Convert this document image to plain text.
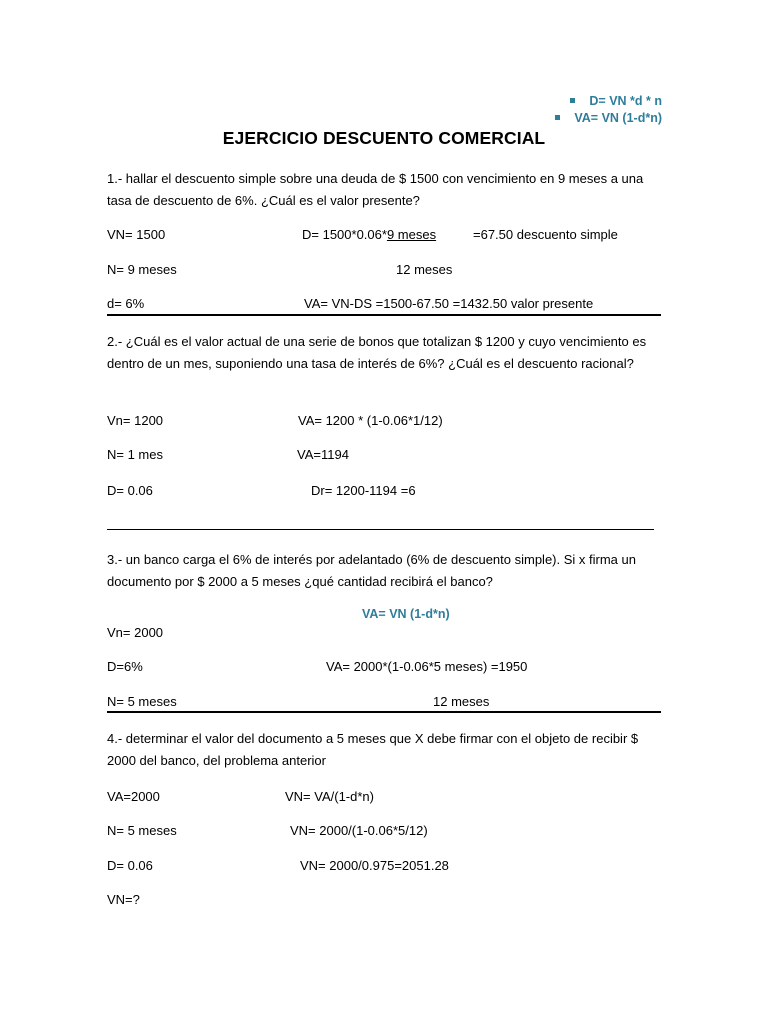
D= VN *d * n
VA= VN (1-d*n)
EJERCICIO DESCUENTO COMERCIAL
1.- hallar el descuento simple sobre una deuda de $ 1500 con vencimiento en 9 meses a una tasa de descuento de 6%. ¿Cuál es el valor presente?
VN= 1500	D= 1500*0.06*9 meses	=67.50 descuento simple
N= 9 meses	12 meses
d= 6%	VA= VN-DS =1500-67.50 =1432.50 valor presente
2.- ¿Cuál es el valor actual de una serie de bonos que totalizan $ 1200 y cuyo vencimiento es dentro de un mes, suponiendo una tasa de interés de 6%? ¿Cuál es el descuento racional?
Vn= 1200	VA= 1200 * (1-0.06*1/12)
N= 1 mes	VA=1194
D= 0.06	Dr= 1200-1194 =6
3.- un banco carga el 6% de interés por adelantado (6% de descuento simple). Si x firma un documento por $ 2000 a 5 meses ¿qué cantidad recibirá el banco?
VA= VN (1-d*n)
Vn= 2000
D=6%	VA= 2000*(1-0.06*5 meses) =1950
N= 5 meses	12 meses
4.- determinar el valor del documento a 5 meses que X debe firmar con el objeto de recibir $ 2000 del banco, del problema anterior
VA=2000	VN= VA/(1-d*n)
N= 5 meses	VN= 2000/(1-0.06*5/12)
D= 0.06	VN= 2000/0.975=2051.28
VN=?
